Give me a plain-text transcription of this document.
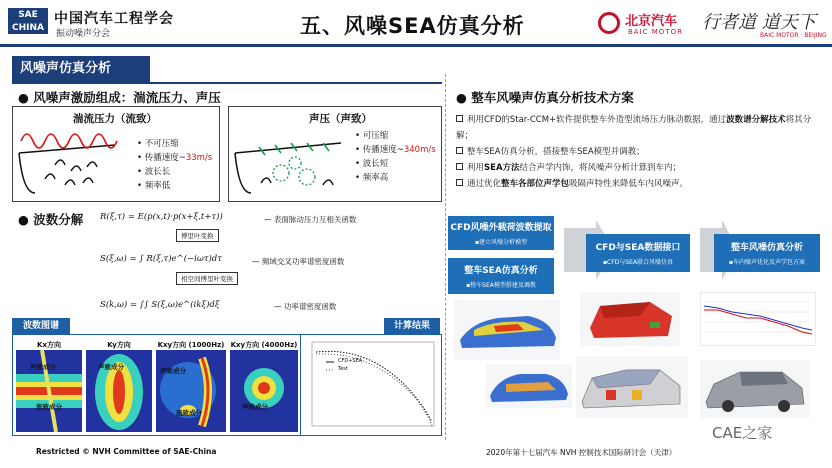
SAE CHINA
中国汽车工程学会
振动噪声分会	五、风噪SEA仿真分析	北京汽车
BAIC MOTOR 行者道 道天下
BAIC MOTOR · BEIJING
风噪声仿真分析
● 风噪声激励组成：湍流压力、声压
湍流压力（流致）
• 不可压缩
• 传播速度~33m/s
• 波长长
• 频率低
声压（声致）
• 可压缩
• 传播速度~340m/s
• 波长短
• 频率高
● 波数分解 R(ξ,τ) = E(p(x,t)·p(x+ξ,t+τ))	— 表面脉动压力互相关函数
傅里叶变换
S(ξ,ω) = ∫ R(ξ,τ)e^(−iωτ)dτ	— 频域交叉功率谱密度函数
相空间傅里叶变换
S(k,ω) = ∫∫ S(ξ,ω)e^(ikξ)dξ	— 功率谱密度函数
波数图谱
Kx方向
声致成分
流致成分
Ky方向
声致成分
Kxy方向 (1000Hz)
声致成分
流致成分
Kxy方向 (4000Hz)
声致成分
计算结果
CFD+SEA
Test
● 整车风噪声仿真分析技术方案
利用CFD的Star-CCM+软件提供整车外造型流场压力脉动数据，通过波数谱分解技术将其分解；
整车SEA仿真分析，搭接整车SEA模型并调教；
利用SEA方法结合声学内饰，将风噪声分析计算到车内；
通过优化整车各部位声学包吸隔声特性来降低车内风噪声。
CFD风噪外载荷波数提取
▪建立风噪分析模型
整车SEA仿真分析
▪整车SEA模型搭建及调教
CFD与SEA数据接口
▪CFD与SEA联合风噪仿真
整车风噪仿真分析
▪车内噪声优化及声学包方案
Restricted © NVH Committee of SAE-China	2020年第十七届汽车 NVH 控制技术国际研讨会（天津）
CAE之家
